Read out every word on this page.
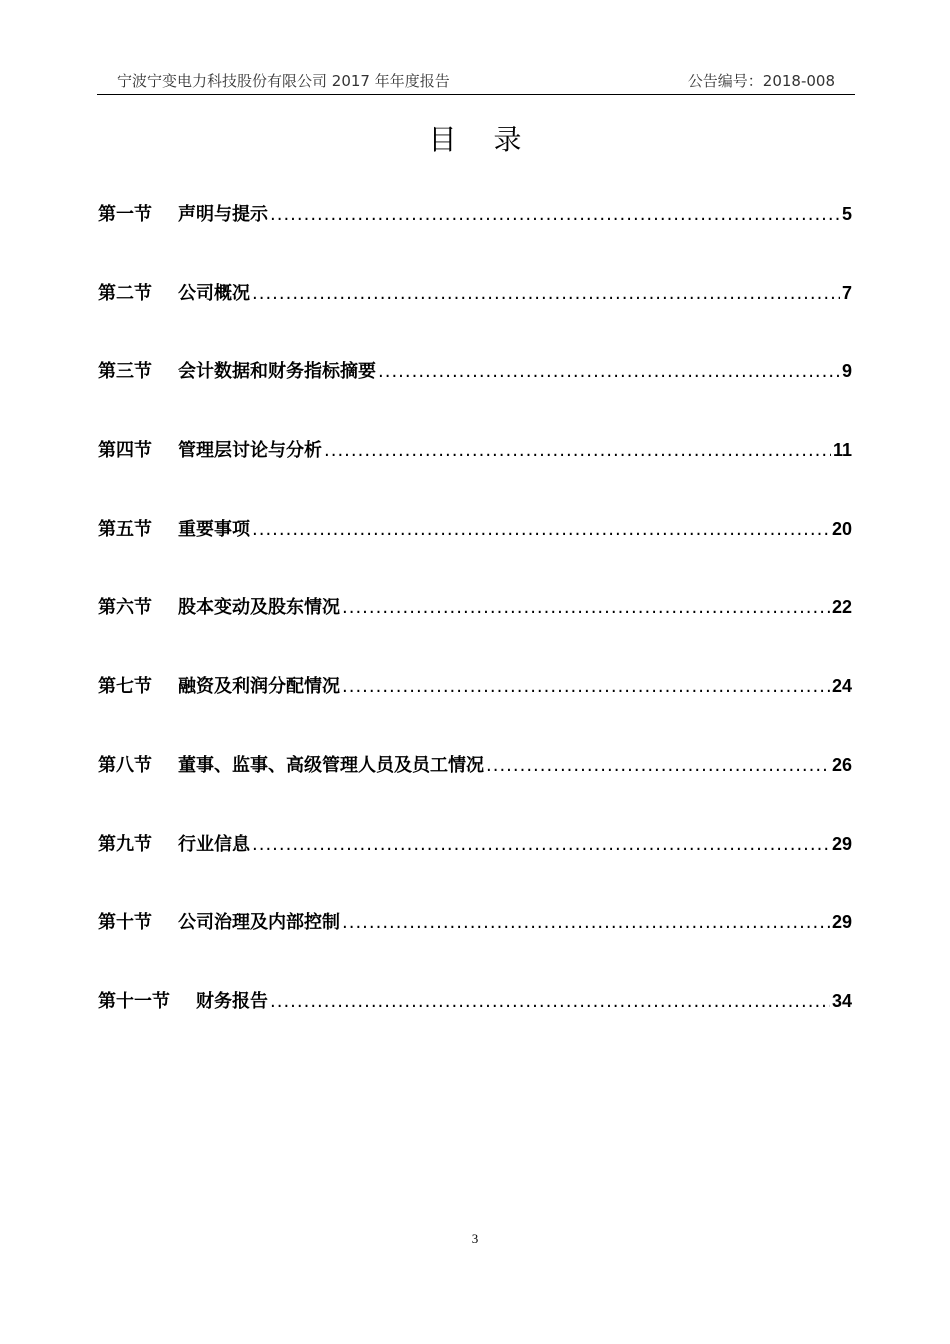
宁波宁变电力科技股份有限公司 2017 年年度报告	公告编号：2018-008
目 录
第一节 声明与提示 .....	5
第二节 公司概况 .....	7
第三节 会计数据和财务指标摘要 .....	9
第四节 管理层讨论与分析 .....	11
第五节 重要事项 .....	20
第六节 股本变动及股东情况 .....	22
第七节 融资及利润分配情况 .....	24
第八节 董事、监事、高级管理人员及员工情况 .....	26
第九节 行业信息 .....	29
第十节 公司治理及内部控制 .....	29
第十一节 财务报告 .....	34
3
